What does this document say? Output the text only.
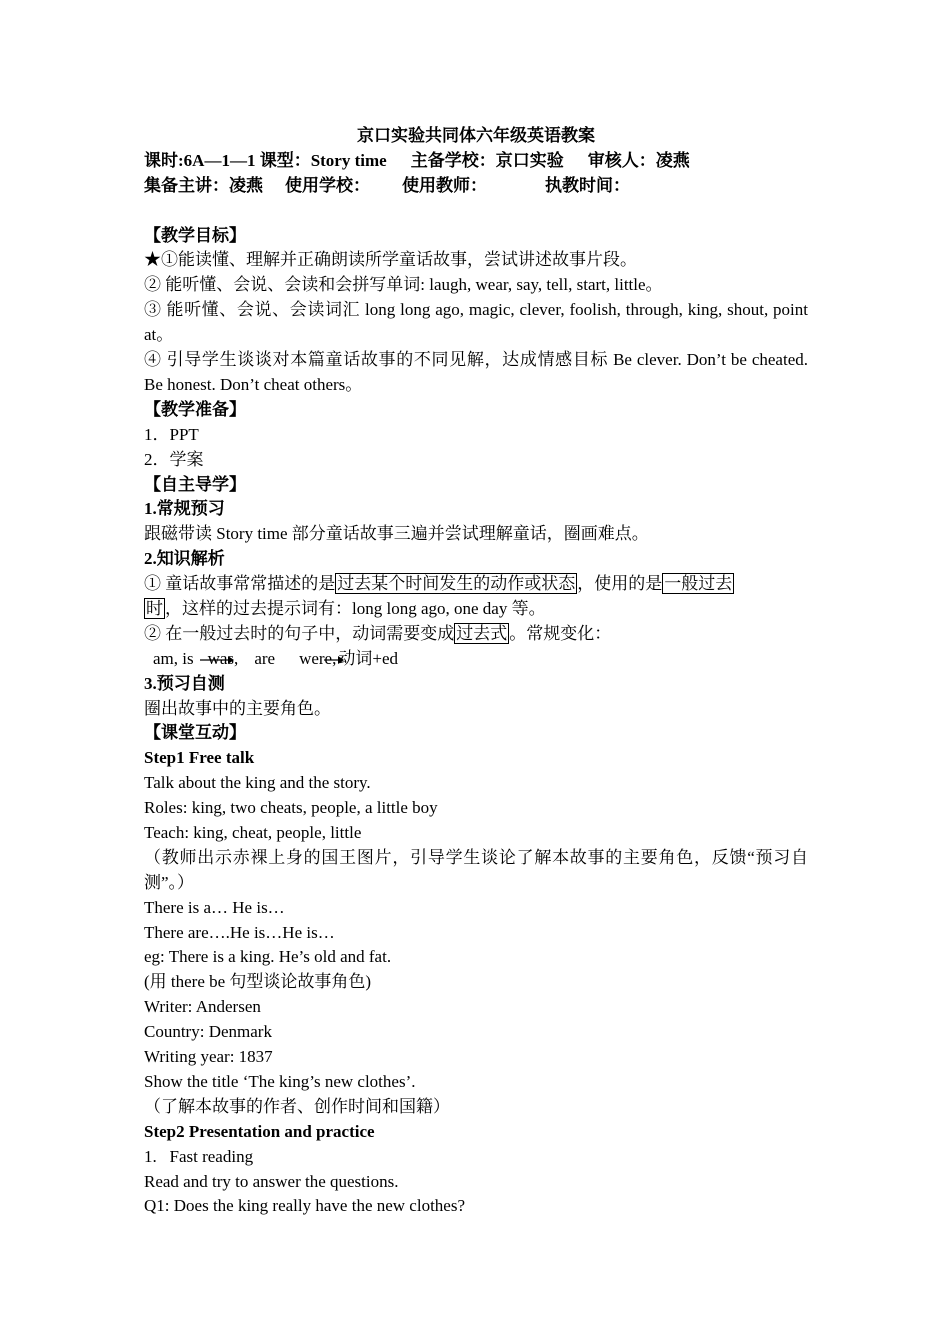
京口实验共同体六年级英语教案
课时:6A—1—1 课型：Story time 主备学校：京口实验 审核人：凌燕
集备主讲：凌燕 使用学校： 使用教师：	执教时间：
【教学目标】
★①能读懂、理解并正确朗读所学童话故事，尝试讲述故事片段。
② 能听懂、会说、会读和会拼写单词: laugh, wear, say, tell, start, little。
③ 能听懂、会说、会读词汇 long long ago, magic, clever, foolish, through, king, shout, point at。
④ 引导学生谈谈对本篇童话故事的不同见解，达成情感目标 Be clever. Don’t be cheated. Be honest. Don’t cheat others。
【教学准备】
1．PPT
2．学案
【自主导学】
1.常规预习
跟磁带读 Story time 部分童话故事三遍并尝试理解童话，圈画难点。
2.知识解析
① 童话故事常常描述的是 过去某个时间发生的动作或状态 ，使用的是 一般过去
时 ，这样的过去提示词有：long long ago, one day 等。
② 在一般过去时的句子中，动词需要变成 过去式 。常规变化：
am, is was, are were, 动词+ed
3.预习自测
圈出故事中的主要角色。
【课堂互动】
Step1 Free talk
Talk about the king and the story.
Roles: king, two cheats, people, a little boy
Teach: king, cheat, people, little
（教师出示赤裸上身的国王图片，引导学生谈论了解本故事的主要角色，反馈“预习自测”。）
There is a… He is…
There are….He is…He is…
eg: There is a king. He’s old and fat.
(用 there be 句型谈论故事角色)
Writer: Andersen
Country: Denmark
Writing year: 1837
Show the title ‘The king’s new clothes’.
（了解本故事的作者、创作时间和国籍）
Step2 Presentation and practice
1.   Fast reading
Read and try to answer the questions.
Q1: Does the king really have the new clothes?
